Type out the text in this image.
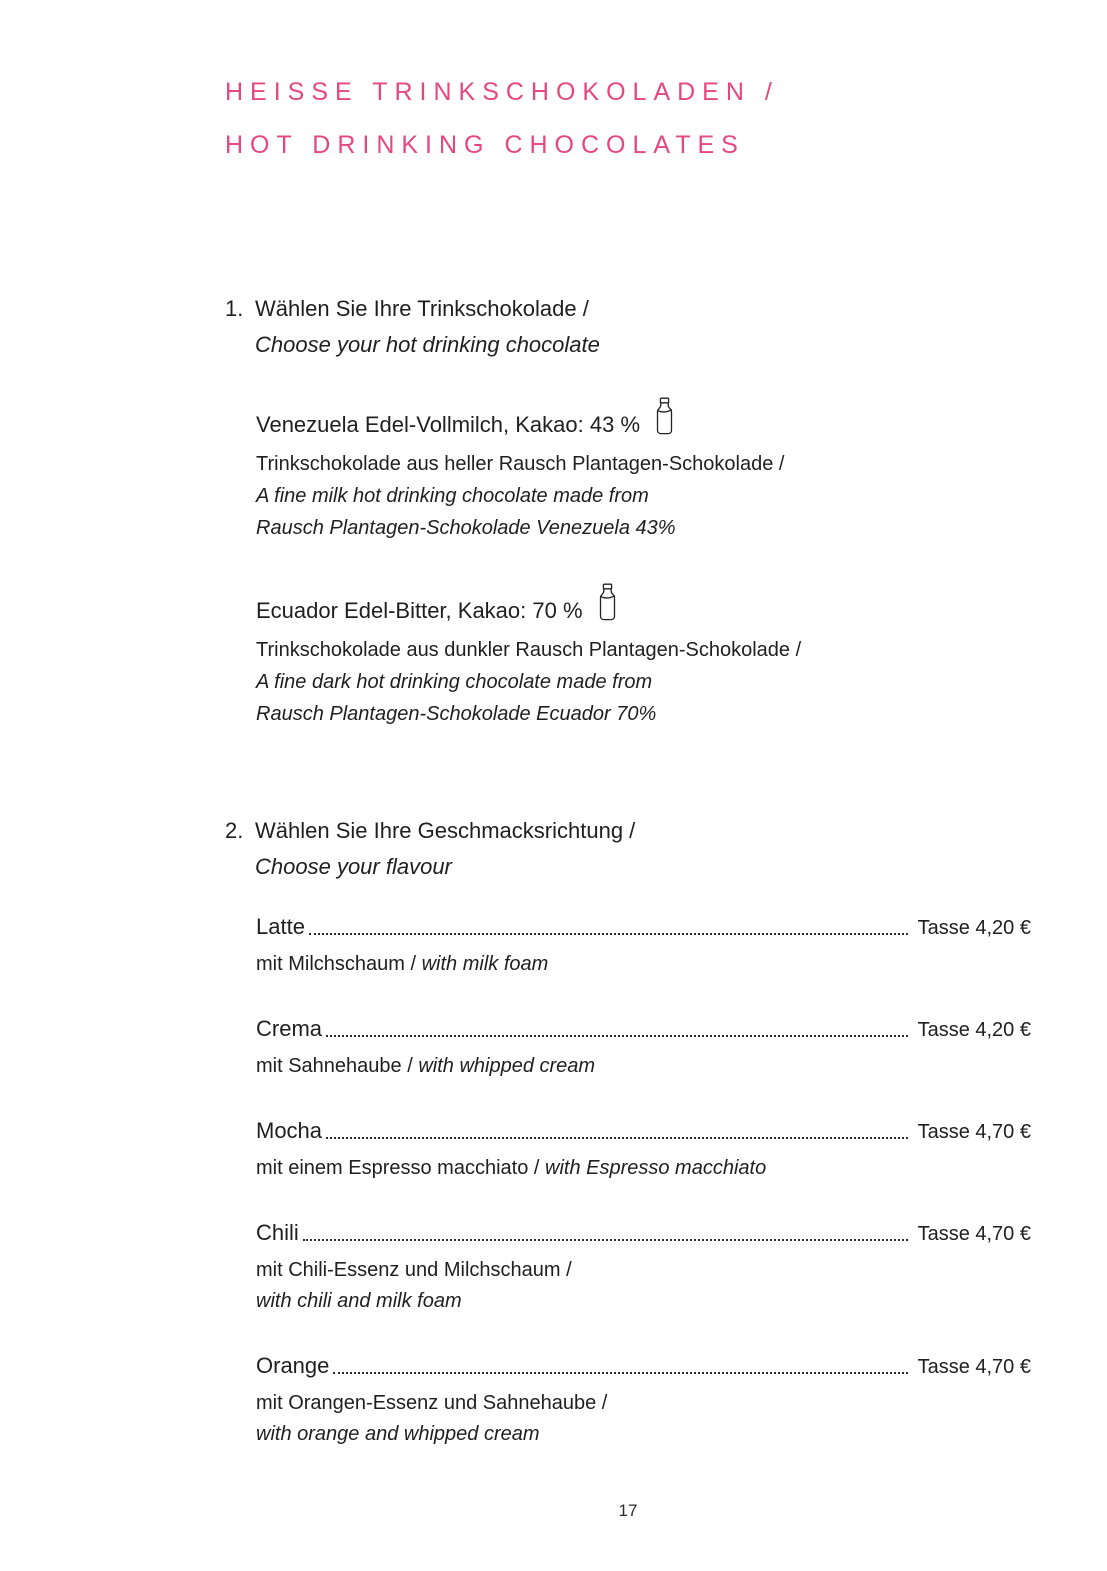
HEISSE TRINKSCHOKOLADEN /
HOT DRINKING CHOCOLATES
1. Wählen Sie Ihre Trinkschokolade /
Choose your hot drinking chocolate
Venezuela Edel-Vollmilch, Kakao: 43 %
Trinkschokolade aus heller Rausch Plantagen-Schokolade /
A fine milk hot drinking chocolate made from
Rausch Plantagen-Schokolade Venezuela 43%
Ecuador Edel-Bitter, Kakao: 70 %
Trinkschokolade aus dunkler Rausch Plantagen-Schokolade /
A fine dark hot drinking chocolate made from
Rausch Plantagen-Schokolade Ecuador 70%
2. Wählen Sie Ihre Geschmacksrichtung /
Choose your flavour
Latte	Tasse 4,20 €
mit Milchschaum / with milk foam
Crema	Tasse 4,20 €
mit Sahnehaube / with whipped cream
Mocha	Tasse 4,70 €
mit einem Espresso macchiato / with Espresso macchiato
Chili	Tasse 4,70 €
mit Chili-Essenz und Milchschaum /
with chili and milk foam
Orange	Tasse 4,70 €
mit Orangen-Essenz und Sahnehaube /
with orange and whipped cream
17
